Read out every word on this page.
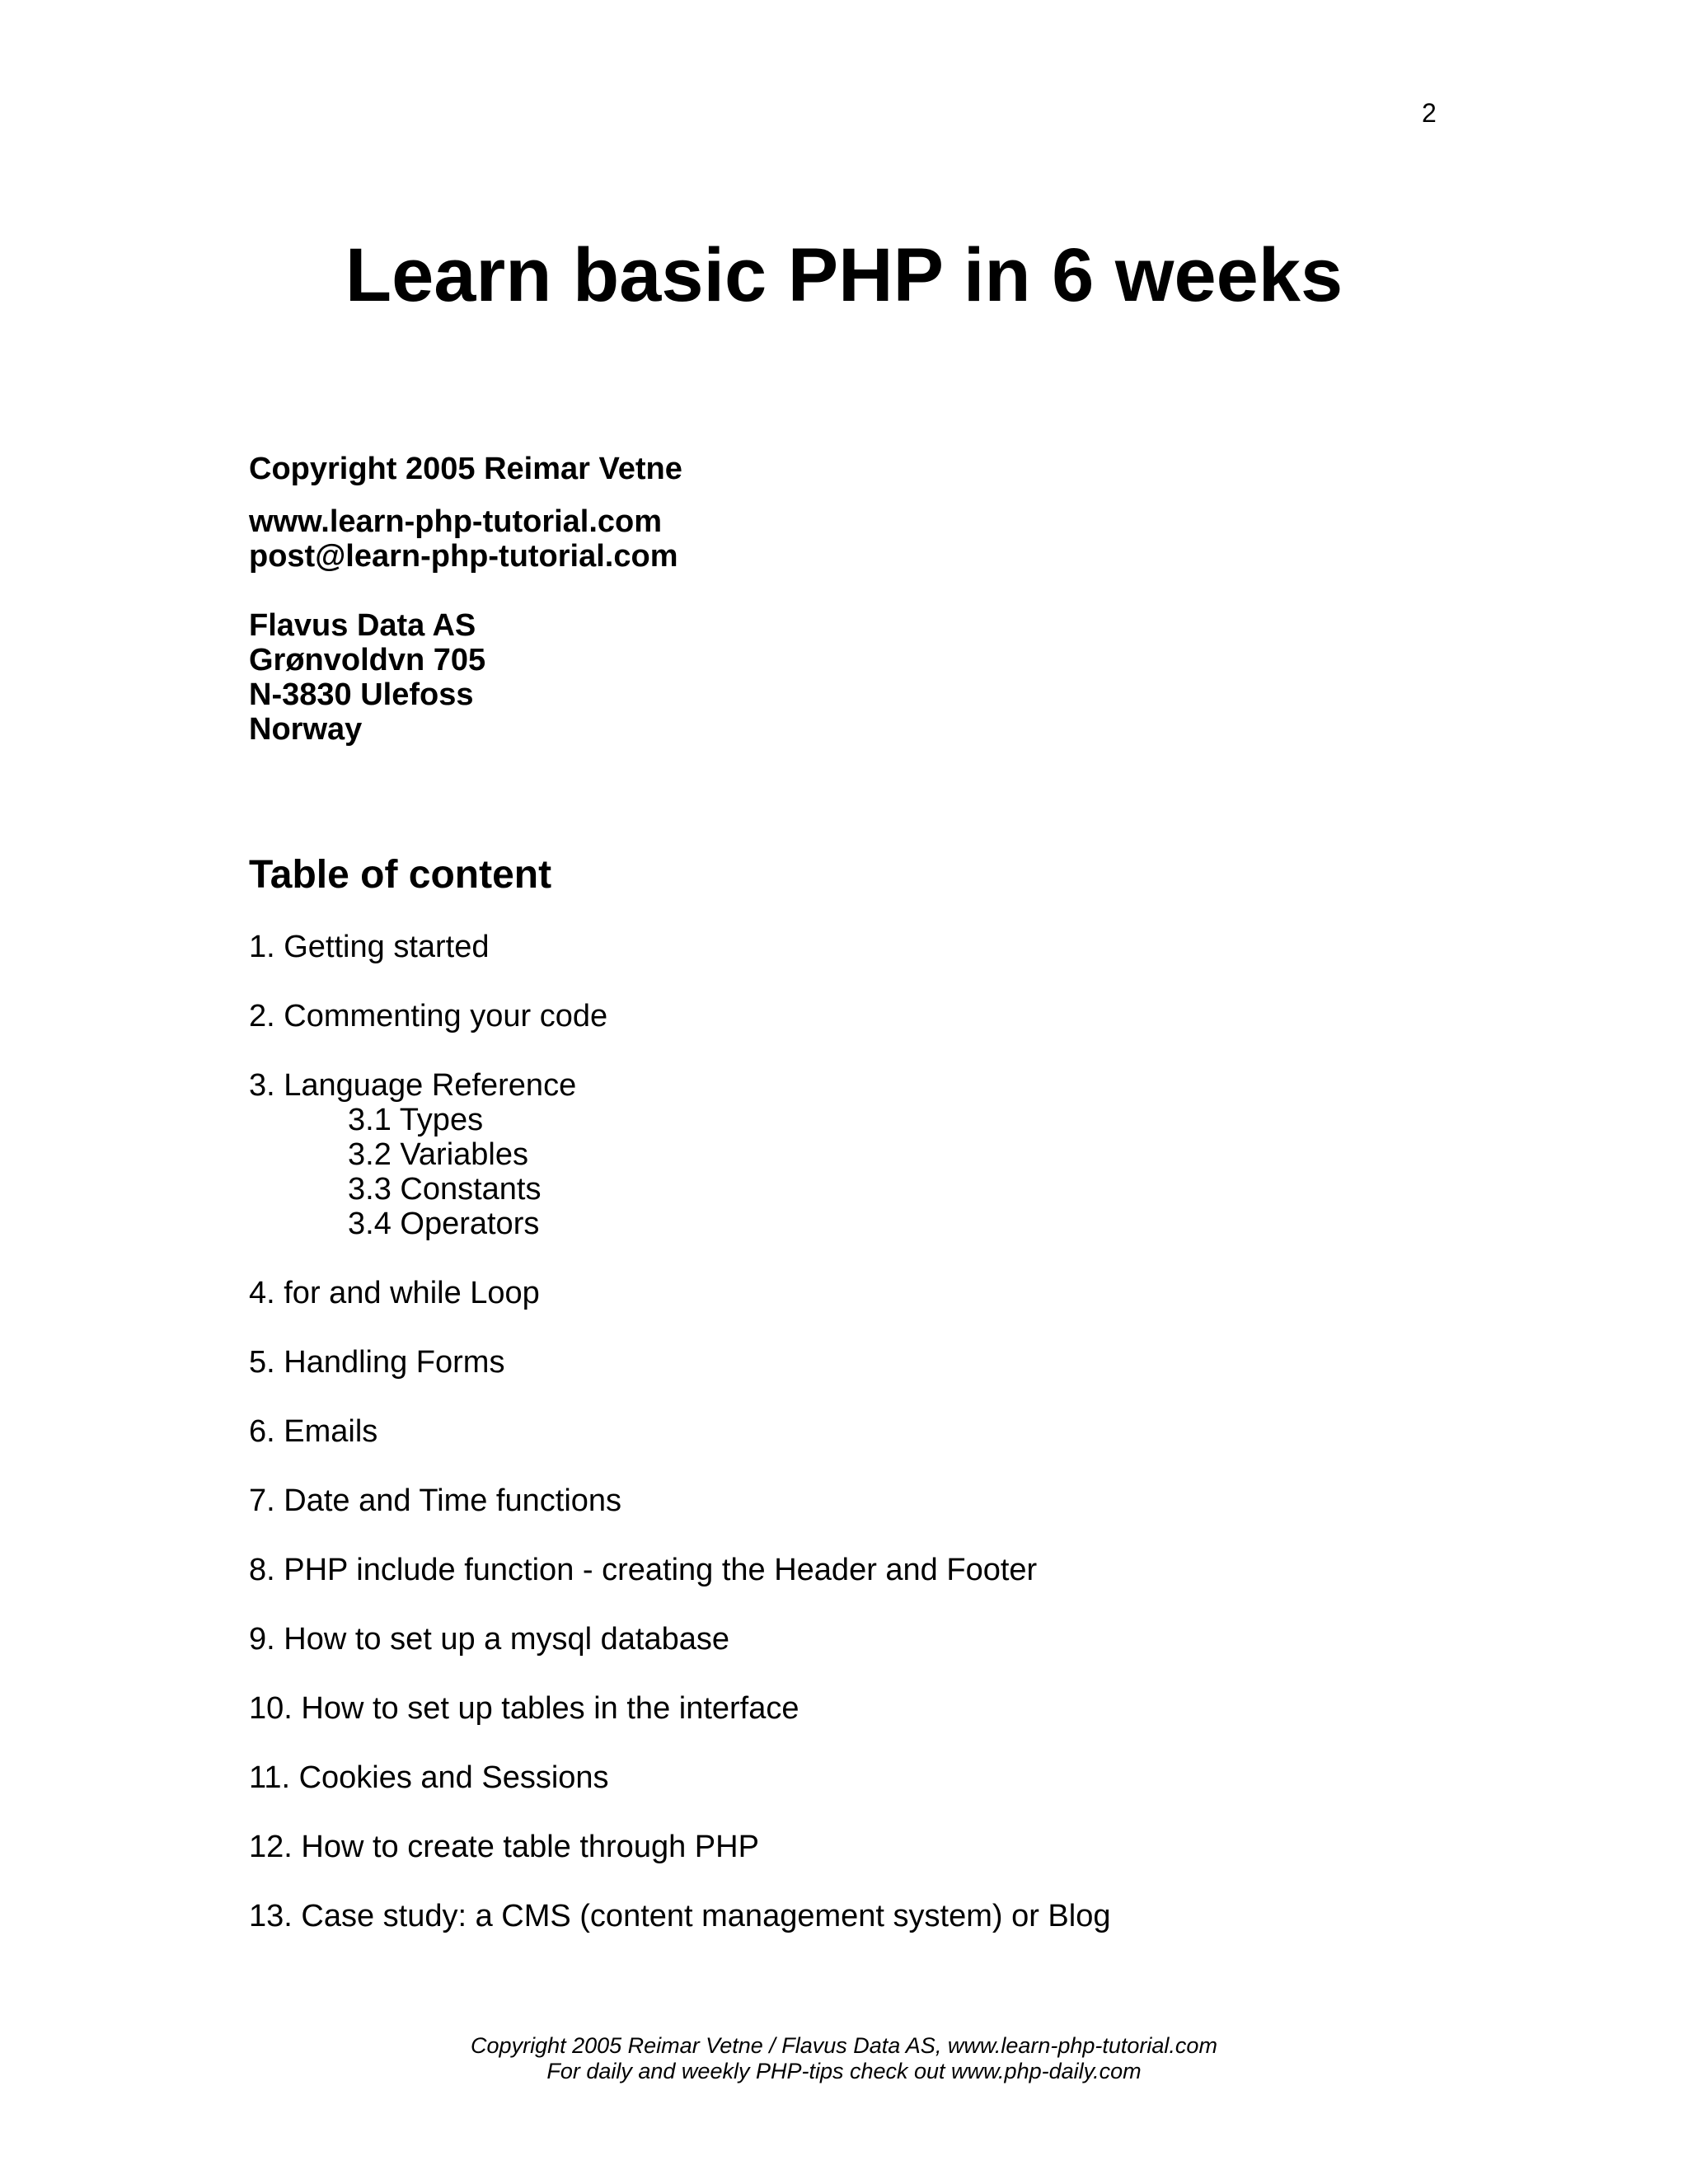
2
Learn basic PHP in 6 weeks
Copyright 2005 Reimar Vetne
www.learn-php-tutorial.com
post@learn-php-tutorial.com
Flavus Data AS
Grønvoldvn 705
N-3830 Ulefoss
Norway
Table of content
1. Getting started
2. Commenting your code
3. Language Reference
3.1 Types
3.2 Variables
3.3 Constants
3.4 Operators
4. for and while Loop
5. Handling Forms
6. Emails
7. Date and Time functions
8. PHP include function - creating the Header and Footer
9. How to set up a mysql database
10. How to set up tables in the interface
11. Cookies and Sessions
12. How to create table through PHP
13. Case study: a CMS (content management system) or Blog
Copyright 2005 Reimar Vetne / Flavus Data AS, www.learn-php-tutorial.com
For daily and weekly PHP-tips check out www.php-daily.com
